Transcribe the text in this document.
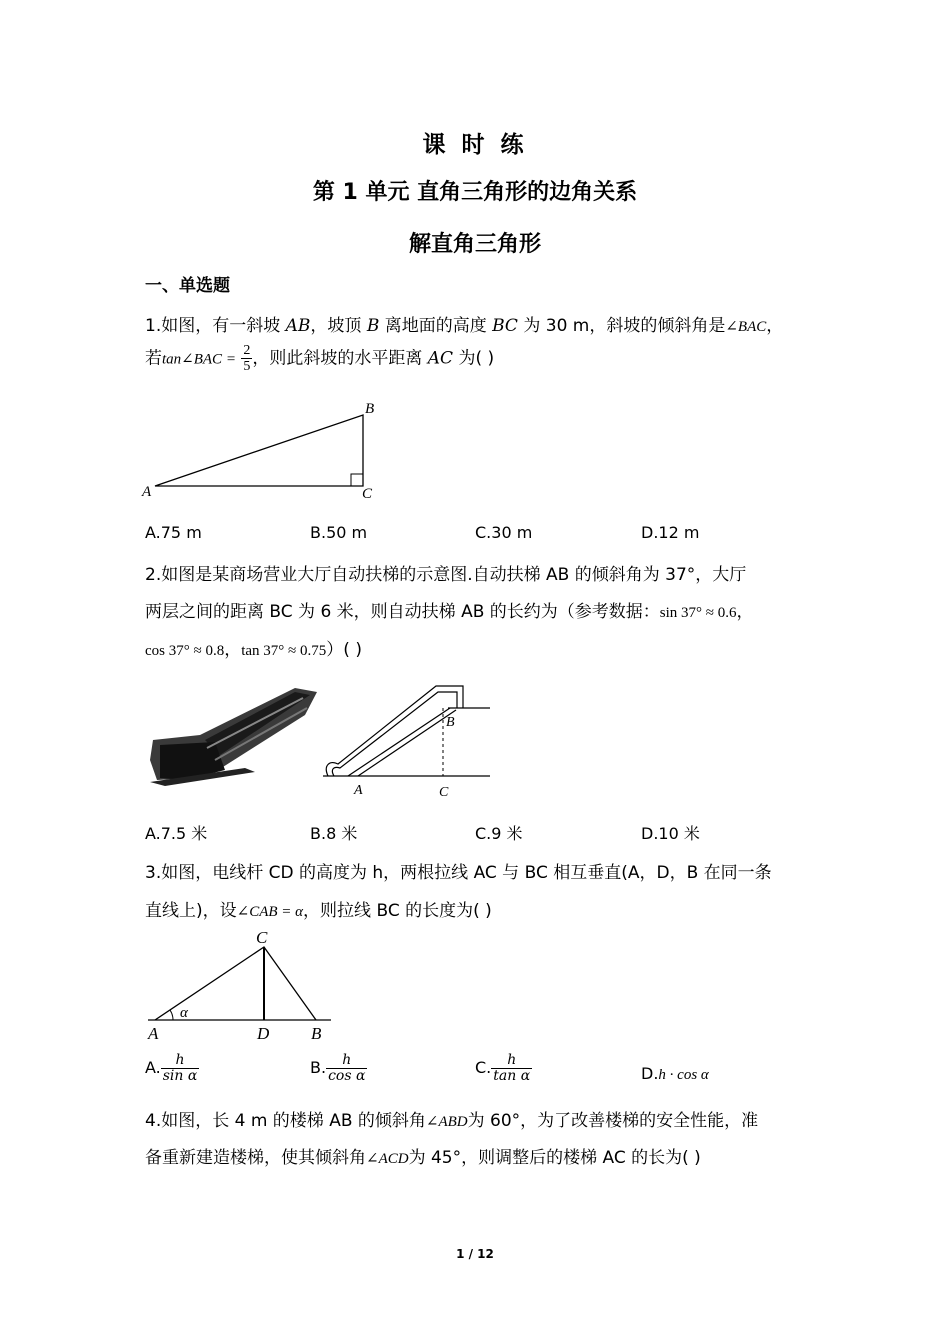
课 时 练
第 1 单元 直角三角形的边角关系
解直角三角形
一、单选题
1.如图，有一斜坡 AB，坡顶 B 离地面的高度 BC 为 30 m，斜坡的倾斜角是∠BAC，
若tan∠BAC = $\frac{2}{5}$ ，则此斜坡的水平距离 AC 为( )
A
B
C
A.75 m	B.50 m	C.30 m	D.12 m
2.如图是某商场营业大厅自动扶梯的示意图.自动扶梯 AB 的倾斜角为 37°，大厅
两层之间的距离 BC 为 6 米，则自动扶梯 AB 的长约为（参考数据：sin 37° ≈ 0.6，
cos 37° ≈ 0.8，tan 37° ≈ 0.75）( )
A
B
C
A.7.5 米	B.8 米	C.9 米	D.10 米
3.如图，电线杆 CD 的高度为 h，两根拉线 AC 与 BC 相互垂直(A，D，B 在同一条
直线上)，设∠CAB = α，则拉线 BC 的长度为( )
C
A	D B
α
A. $\frac{h}{\text{sin α}}$	B. $\frac{h}{\text{cos α}}$	C. $\frac{h}{\text{tan α}}$	D.h · cos α
4.如图，长 4 m 的楼梯 AB 的倾斜角∠ABD为 60°，为了改善楼梯的安全性能，准
备重新建造楼梯，使其倾斜角∠ACD为 45°，则调整后的楼梯 AC 的长为( )
1 / 12
